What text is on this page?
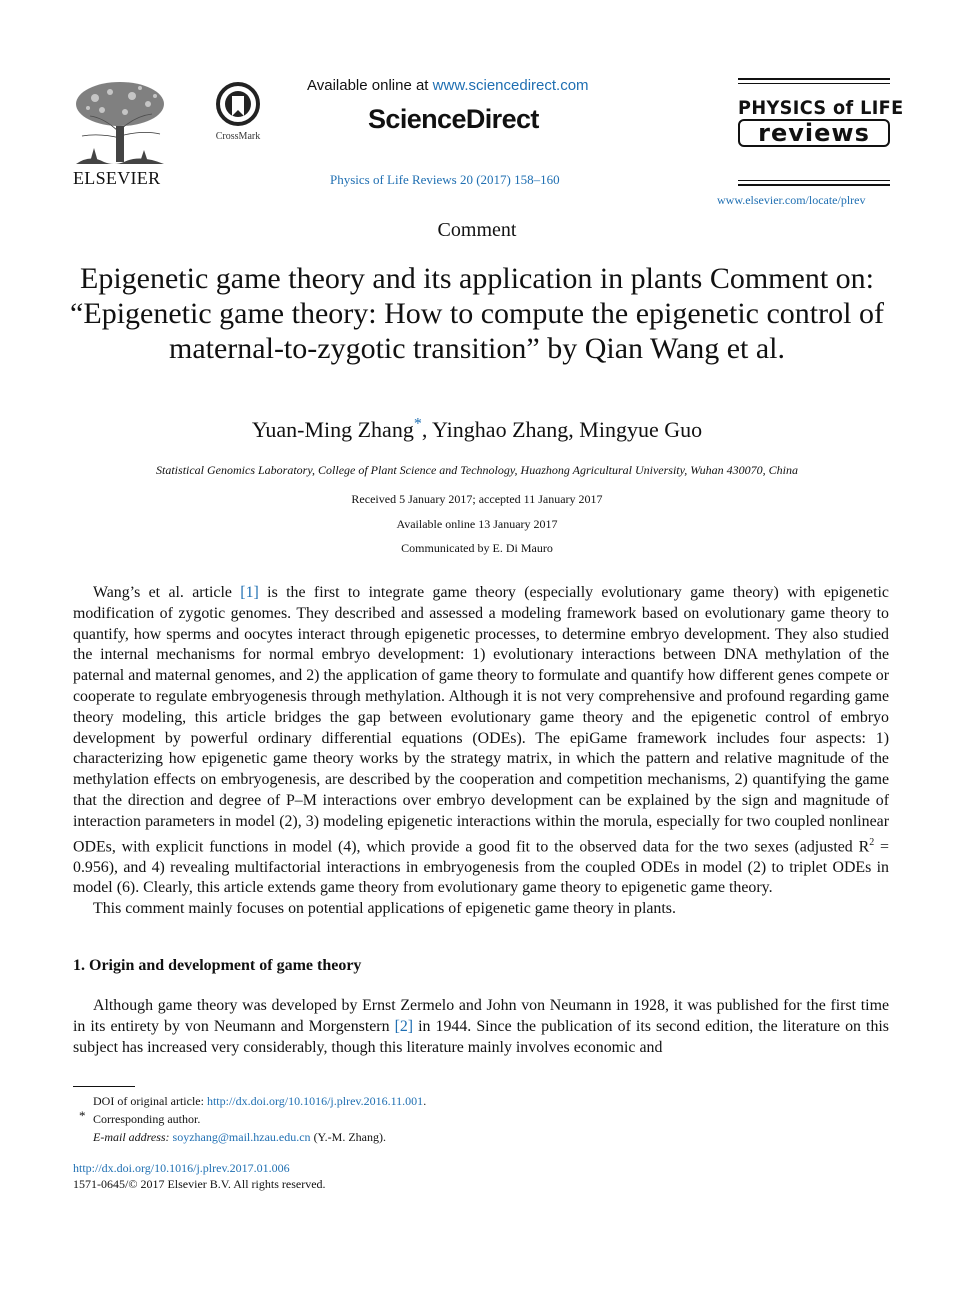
ELSEVIER
CrossMark
Available online at www.sciencedirect.com
ScienceDirect
Physics of Life Reviews 20 (2017) 158–160
PHYSICS of LIFE
reviews
www.elsevier.com/locate/plrev
Comment
Epigenetic game theory and its application in plants Comment on: “Epigenetic game theory: How to compute the epigenetic control of maternal-to-zygotic transition” by Qian Wang et al.
Yuan-Ming Zhang*, Yinghao Zhang, Mingyue Guo
Statistical Genomics Laboratory, College of Plant Science and Technology, Huazhong Agricultural University, Wuhan 430070, China
Received 5 January 2017; accepted 11 January 2017
Available online 13 January 2017
Communicated by E. Di Mauro

Wang’s et al. article [1] is the first to integrate game theory (especially evolutionary game theory) with epigenetic modification of zygotic genomes. They described and assessed a modeling framework based on evolutionary game theory to quantify, how sperms and oocytes interact through epigenetic processes, to determine embryo development. They also studied the internal mechanisms for normal embryo development: 1) evolutionary interactions between DNA methylation of the paternal and maternal genomes, and 2) the application of game theory to formulate and quantify how different genes compete or cooperate to regulate embryogenesis through methylation. Although it is not very comprehensive and profound regarding game theory modeling, this article bridges the gap between evolutionary game theory and the epigenetic control of embryo development by powerful ordinary differential equations (ODEs). The epiGame framework includes four aspects: 1) characterizing how epigenetic game theory works by the strategy matrix, in which the pattern and relative magnitude of the methylation effects on embryogenesis, are described by the cooperation and competition mechanisms, 2) quantifying the game that the direction and degree of P–M interactions over embryo development can be explained by the sign and magnitude of interaction parameters in model (2), 3) modeling epigenetic interactions within the morula, especially for two coupled nonlinear ODEs, with explicit functions in model (4), which provide a good fit to the observed data for the two sexes (adjusted $R^2 = 0.956$), and 4) revealing multifactorial interactions in embryogenesis from the coupled ODEs in model (2) to triplet ODEs in model (6). Clearly, this article extends game theory from evolutionary game theory to epigenetic game theory.

This comment mainly focuses on potential applications of epigenetic game theory in plants.

1. Origin and development of game theory

Although game theory was developed by Ernst Zermelo and John von Neumann in 1928, it was published for the first time in its entirety by von Neumann and Morgenstern [2] in 1944. Since the publication of its second edition, the literature on this subject has increased very considerably, though this literature mainly involves economic and

DOI of original article: http://dx.doi.org/10.1016/j.plrev.2016.11.001.
* Corresponding author.
E-mail address: soyzhang@mail.hzau.edu.cn (Y.-M. Zhang).
http://dx.doi.org/10.1016/j.plrev.2017.01.006
1571-0645/© 2017 Elsevier B.V. All rights reserved.
